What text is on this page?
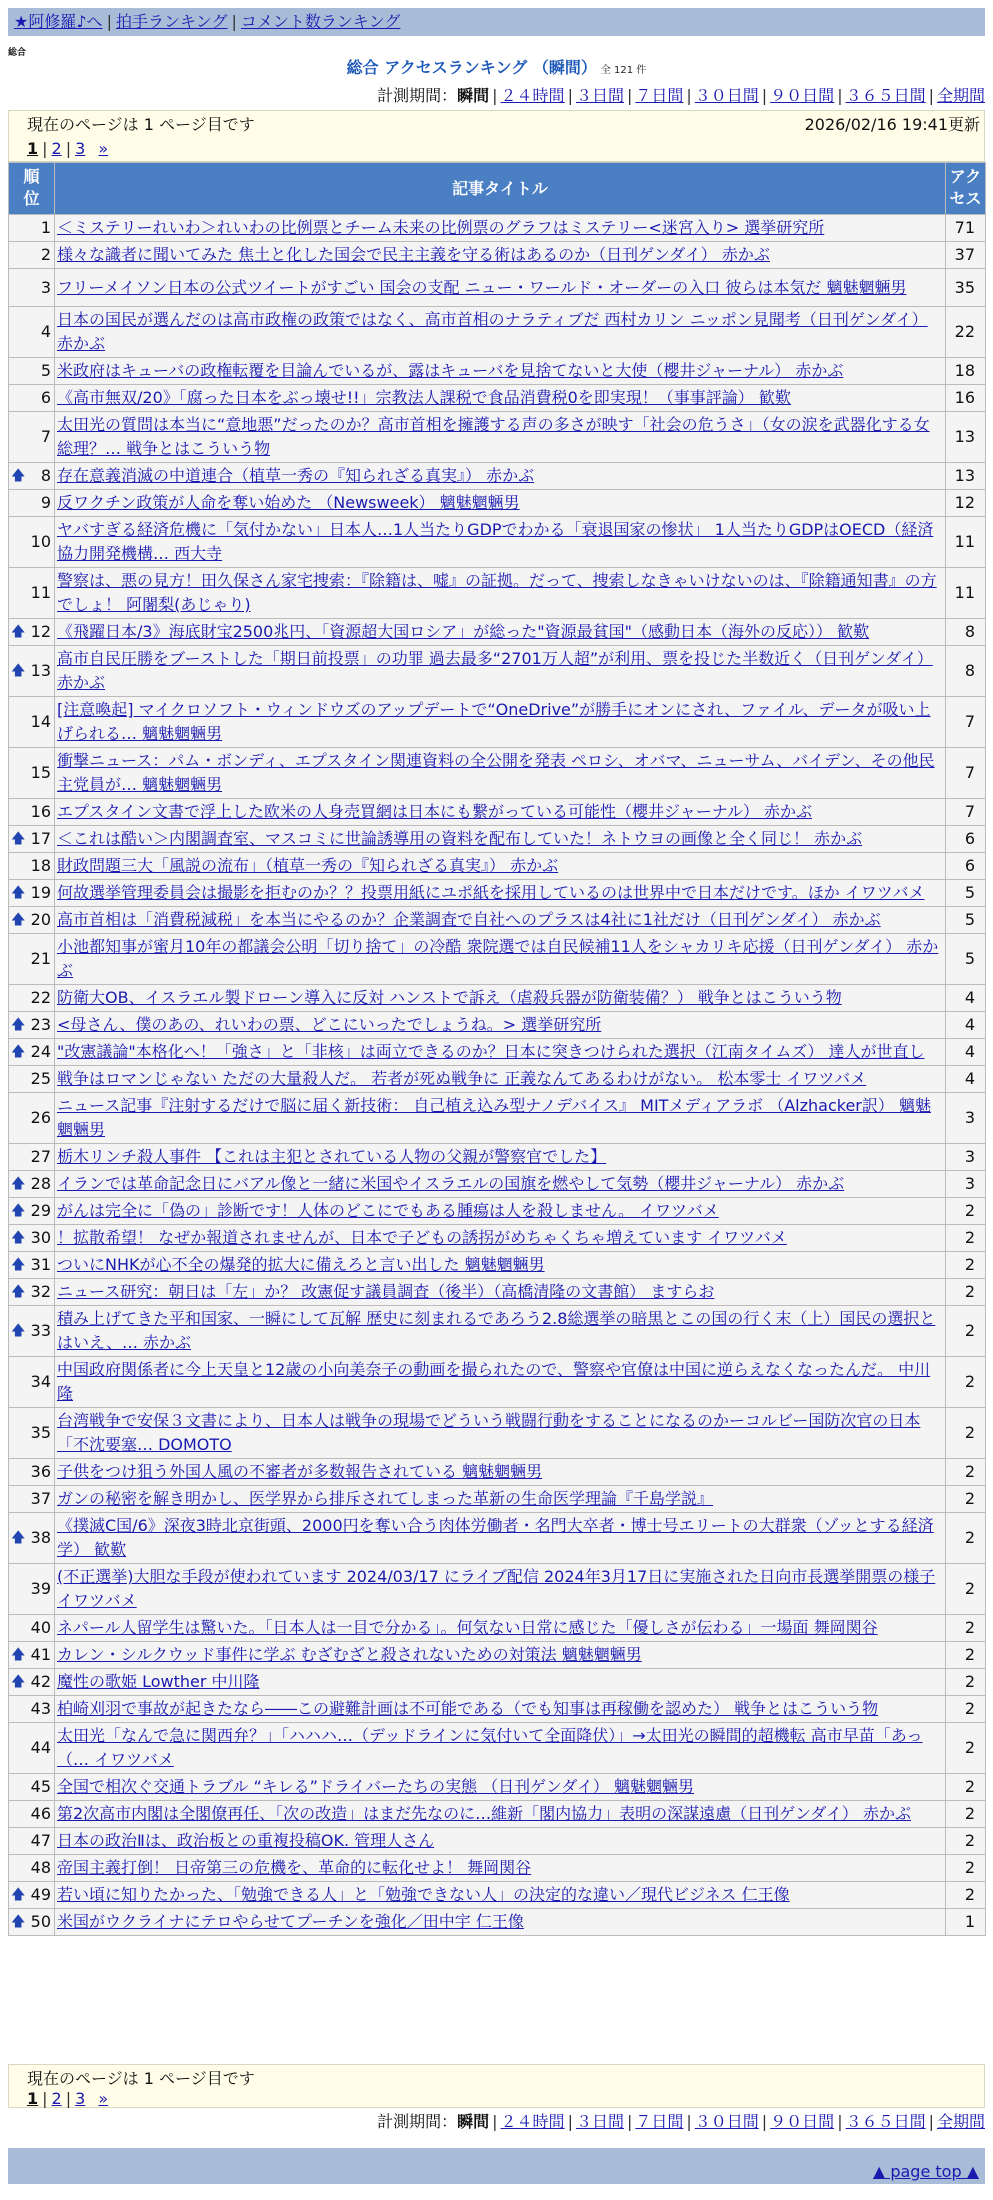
★阿修羅♪へ | 拍手ランキング | コメント数ランキング
総合
総合 アクセスランキング （瞬間） 全 121 件
計測期間：瞬間 | ２４時間 | ３日間 | ７日間 | ３０日間 | ９０日間 | ３６５日間 | 全期間
現在のページは 1 ページ目です	2026/02/16 19:41更新
1 | 2 | 3 »
順位	記事タイトル	アクセス
1	＜ミステリーれいわ＞れいわの比例票とチーム未来の比例票のグラフはミステリー<迷宮入り> 選挙研究所	71
2	様々な識者に聞いてみた 焦土と化した国会で民主主義を守る術はあるのか（日刊ゲンダイ） 赤かぶ	37
3	フリーメイソン日本の公式ツイートがすごい 国会の支配 ニュー・ワールド・オーダーの入口 彼らは本気だ 魑魅魍魎男	35
4	日本の国民が選んだのは高市政権の政策ではなく、高市首相のナラティブだ 西村カリン ニッポン見聞考（日刊ゲンダイ） 赤かぶ	22
5	米政府はキューバの政権転覆を目論んでいるが、露はキューバを見捨てないと大使（櫻井ジャーナル） 赤かぶ	18
6	《高市無双/20》「腐った日本をぶっ壊せ!!」宗教法人課税で食品消費税0を即実現！（事事評論） 歓歎	16
7	太田光の質問は本当に“意地悪”だったのか？高市首相を擁護する声の多さが映す「社会の危うさ」（女の涙を武器化する女総理？… 戦争とはこういう物	13

🡅 8	存在意義消滅の中道連合（植草一秀の『知られざる真実』） 赤かぶ	13
9	反ワクチン政策が人命を奪い始めた （Newsweek） 魑魅魍魎男	12
10	ヤバすぎる経済危機に「気付かない」日本人…1人当たりGDPでわかる「衰退国家の惨状」 1人当たりGDPはOECD（経済協力開発機構… 西大寺	11
11	警察は、悪の見方！田久保さん家宅捜索：『除籍は、嘘』の証拠。だって、捜索しなきゃいけないのは、『除籍通知書』の方でしょ！ 阿闍梨(あじゃり)	11

🡅 12	《飛躍日本/3》海底財宝2500兆円、「資源超大国ロシア」が総った"資源最貧国"（感動日本（海外の反応）） 歓歎	8

🡅 13	高市自民圧勝をブーストした「期日前投票」の功罪 過去最多“2701万人超”が利用、票を投じた半数近く（日刊ゲンダイ） 赤かぶ	8
14	[注意喚起] マイクロソフト・ウィンドウズのアップデートで“OneDrive”が勝手にオンにされ、ファイル、データが吸い上げられる… 魑魅魍魎男	7
15	衝撃ニュース：パム・ボンディ、エプスタイン関連資料の全公開を発表 ペロシ、オバマ、ニューサム、バイデン、その他民主党員が… 魑魅魍魎男	7
16	エプスタイン文書で浮上した欧米の人身売買網は日本にも繋がっている可能性（櫻井ジャーナル） 赤かぶ	7

🡅 17	＜これは酷い＞内閣調査室、マスコミに世論誘導用の資料を配布していた！ネトウヨの画像と全く同じ！ 赤かぶ	6
18	財政問題三大「風説の流布」（植草一秀の『知られざる真実』） 赤かぶ	6

🡅 19	何故選挙管理委員会は撮影を拒むのか？？投票用紙にユポ紙を採用しているのは世界中で日本だけです。ほか イワツバメ	5

🡅 20	高市首相は「消費税減税」を本当にやるのか？企業調査で自社へのプラスは4社に1社だけ（日刊ゲンダイ） 赤かぶ	5
21	小池都知事が蜜月10年の都議会公明「切り捨て」の冷酷 衆院選では自民候補11人をシャカリキ応援（日刊ゲンダイ） 赤かぶ	5
22	防衛大OB、イスラエル製ドローン導入に反対 ハンストで訴え（虐殺兵器が防衛装備？） 戦争とはこういう物	4

🡅 23	<母さん、僕のあの、れいわの票、どこにいったでしょうね。> 選挙研究所	4

🡅 24	"改憲議論"本格化へ！「強さ」と「非核」は両立できるのか？日本に突きつけられた選択（江南タイムズ） 達人が世直し	4
25	戦争はロマンじゃない ただの大量殺人だ。 若者が死ぬ戦争に 正義なんてあるわけがない。 松本零士 イワツバメ	4
26	ニュース記事『注射するだけで脳に届く新技術： 自己植え込み型ナノデバイス』 MITメディアラボ （Alzhacker訳） 魑魅魍魎男	3
27	栃木リンチ殺人事件 【これは主犯とされている人物の父親が警察官でした】	3

🡅 28	イランでは革命記念日にバアル像と一緒に米国やイスラエルの国旗を燃やして気勢（櫻井ジャーナル） 赤かぶ	3

🡅 29	がんは完全に「偽の」診断です！人体のどこにでもある腫瘍は人を殺しません。 イワツバメ	2

🡅 30	！拡散希望！ なぜか報道されませんが、日本で子どもの誘拐がめちゃくちゃ増えています イワツバメ	2

🡅 31	ついにNHKが心不全の爆発的拡大に備えろと言い出した 魑魅魍魎男	2

🡅 32	ニュース研究：朝日は「左」か？ 改憲促す議員調査（後半）（高橋清隆の文書館） ますらお	2

🡅 33	積み上げてきた平和国家、一瞬にして瓦解 歴史に刻まれるであろう2.8総選挙の暗黒とこの国の行く末（上）国民の選択とはいえ、… 赤かぶ	2
34	中国政府関係者に今上天皇と12歳の小向美奈子の動画を撮られたので、警察や官僚は中国に逆らえなくなったんだ。 中川隆	2
35	台湾戦争で安保３文書により、日本人は戦争の現場でどういう戦闘行動をすることになるのかーコルビー国防次官の日本「不沈要塞… DOMOTO	2
36	子供をつけ狙う外国人風の不審者が多数報告されている 魑魅魍魎男	2
37	ガンの秘密を解き明かし、医学界から排斥されてしまった革新の生命医学理論『千島学説』	2

🡅 38	《撲滅C国/6》深夜3時北京街頭、2000円を奪い合う肉体労働者・名門大卒者・博士号エリートの大群衆（ゾッとする経済学） 歓歎	2
39	(不正選挙)大胆な手段が使われています 2024/03/17 にライブ配信 2024年3月17日に実施された日向市長選挙開票の様子 イワツバメ	2
40	ネパール人留学生は驚いた。「日本人は一目で分かる」。何気ない日常に感じた「優しさが伝わる」一場面 舞岡関谷	2

🡅 41	カレン・シルクウッド事件に学ぶ むざむざと殺されないための対策法 魑魅魍魎男	2

🡅 42	魔性の歌姫 Lowther 中川隆	2
43	柏崎刈羽で事故が起きたなら――この避難計画は不可能である（でも知事は再稼働を認めた） 戦争とはこういう物	2
44	太田光「なんで急に関西弁？」「ハハハ…（デッドラインに気付いて全面降伏）」→太田光の瞬間的超機転 高市早苗「あっ（… イワツバメ	2
45	全国で相次ぐ交通トラブル “キレる”ドライバーたちの実態 （日刊ゲンダイ） 魑魅魍魎男	2
46	第2次高市内閣は全閣僚再任、「次の改造」はまだ先なのに…維新「閣内協力」表明の深謀遠慮（日刊ゲンダイ） 赤かぶ	2
47	日本の政治Ⅱは、政治板との重複投稿OK. 管理人さん	2
48	帝国主義打倒！ 日帝第三の危機を、革命的に転化せよ！ 舞岡関谷	2

🡅 49	若い頃に知りたかった、「勉強できる人」と「勉強できない人」の決定的な違い／現代ビジネス 仁王像	2

🡅 50	米国がウクライナにテロやらせてプーチンを強化／田中宇 仁王像	1
現在のページは 1 ページ目です
1 | 2 | 3 »
計測期間：瞬間 | ２４時間 | ３日間 | ７日間 | ３０日間 | ９０日間 | ３６５日間 | 全期間
▲ page top ▲
